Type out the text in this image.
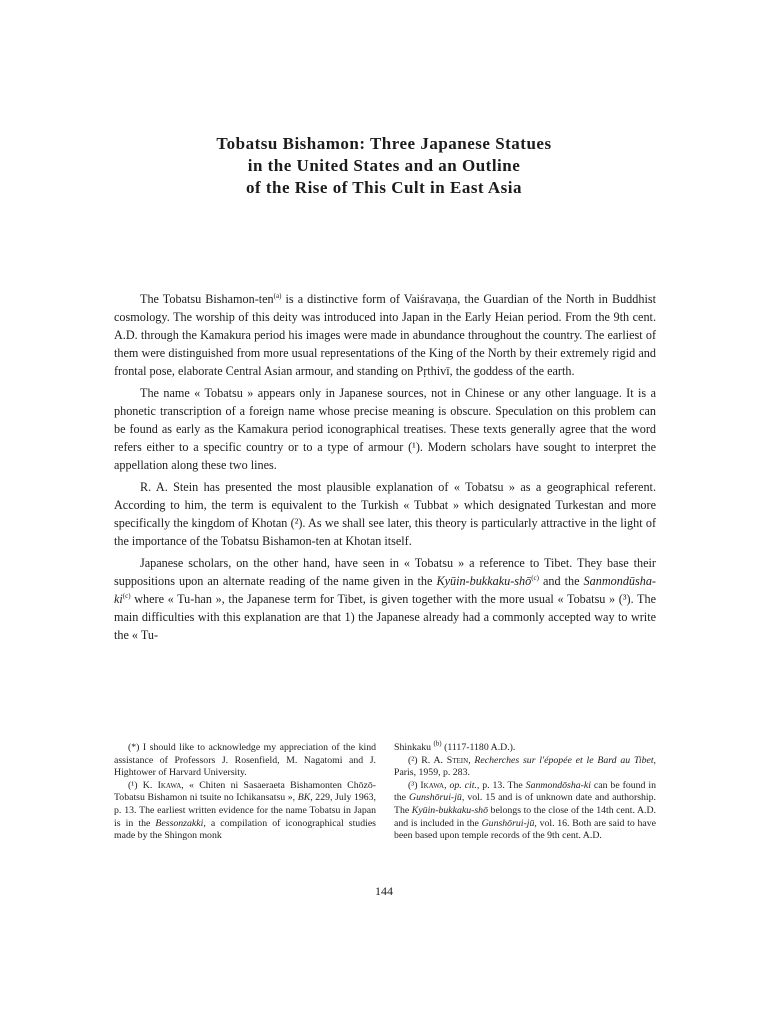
Tobatsu Bishamon: Three Japanese Statues
in the United States and an Outline
of the Rise of This Cult in East Asia

The Tobatsu Bishamon-ten$^{(a)}$ is a distinctive form of Vaiśravaṇa, the Guardian of the North in Buddhist cosmology. The worship of this deity was introduced into Japan in the Early Heian period. From the 9th cent. A.D. through the Kamakura period his images were made in abundance throughout the country. The earliest of them were distinguished from more usual representations of the King of the North by their extremely rigid and frontal pose, elaborate Central Asian armour, and standing on Pṛthivī, the goddess of the earth.

The name « Tobatsu » appears only in Japanese sources, not in Chinese or any other language. It is a phonetic transcription of a foreign name whose precise meaning is obscure. Speculation on this problem can be found as early as the Kamakura period iconographical treatises. These texts generally agree that the word refers either to a specific country or to a type of armour (¹). Modern scholars have sought to interpret the appellation along these two lines.

R. A. Stein has presented the most plausible explanation of « Tobatsu » as a geographical referent. According to him, the term is equivalent to the Turkish « Tubbat » which designated Turkestan and more specifically the kingdom of Khotan (²). As we shall see later, this theory is particularly attractive in the light of the importance of the Tobatsu Bishamon-ten at Khotan itself.

Japanese scholars, on the other hand, have seen in « Tobatsu » a reference to Tibet. They base their suppositions upon an alternate reading of the name given in the Kyūin-bukkaku-shō$^{(c)}$ and the Sanmondūsha-$ki^{(c)}$ where « Tu-han », the Japanese term for Tibet, is given together with the more usual « Tobatsu » (³). The main difficulties with this explanation are that 1) the Japanese already had a commonly accepted way to write the « Tu-

(*) I should like to acknowledge my appreciation of the kind assistance of Professors J. Rosenfield, M. Nagatomi and J. Hightower of Harvard University.

(¹) K. Ikawa, « Chiten ni Sasaeraeta Bishamonten Chōzō-Tobatsu Bishamon ni tsuite no Ichikansatsu », BK, 229, July 1963, p. 13. The earliest written evidence for the name Tobatsu in Japan is in the Bessonzakki, a compilation of iconographical studies made by the Shingon monk

Shinkaku $^{(b)}$ (1117-1180 A.D.).

(²) R. A. Stein, Recherches sur l'épopée et le Bard au Tibet, Paris, 1959, p. 283.

(³) Ikawa, op. cit., p. 13. The Sanmondōsha-ki can be found in the Gunshōrui-jū, vol. 15 and is of unknown date and authorship. The Kyūin-bukkaku-shō belongs to the close of the 14th cent. A.D. and is included in the Gunshōrui-jū, vol. 16. Both are said to have been based upon temple records of the 9th cent. A.D.

144
